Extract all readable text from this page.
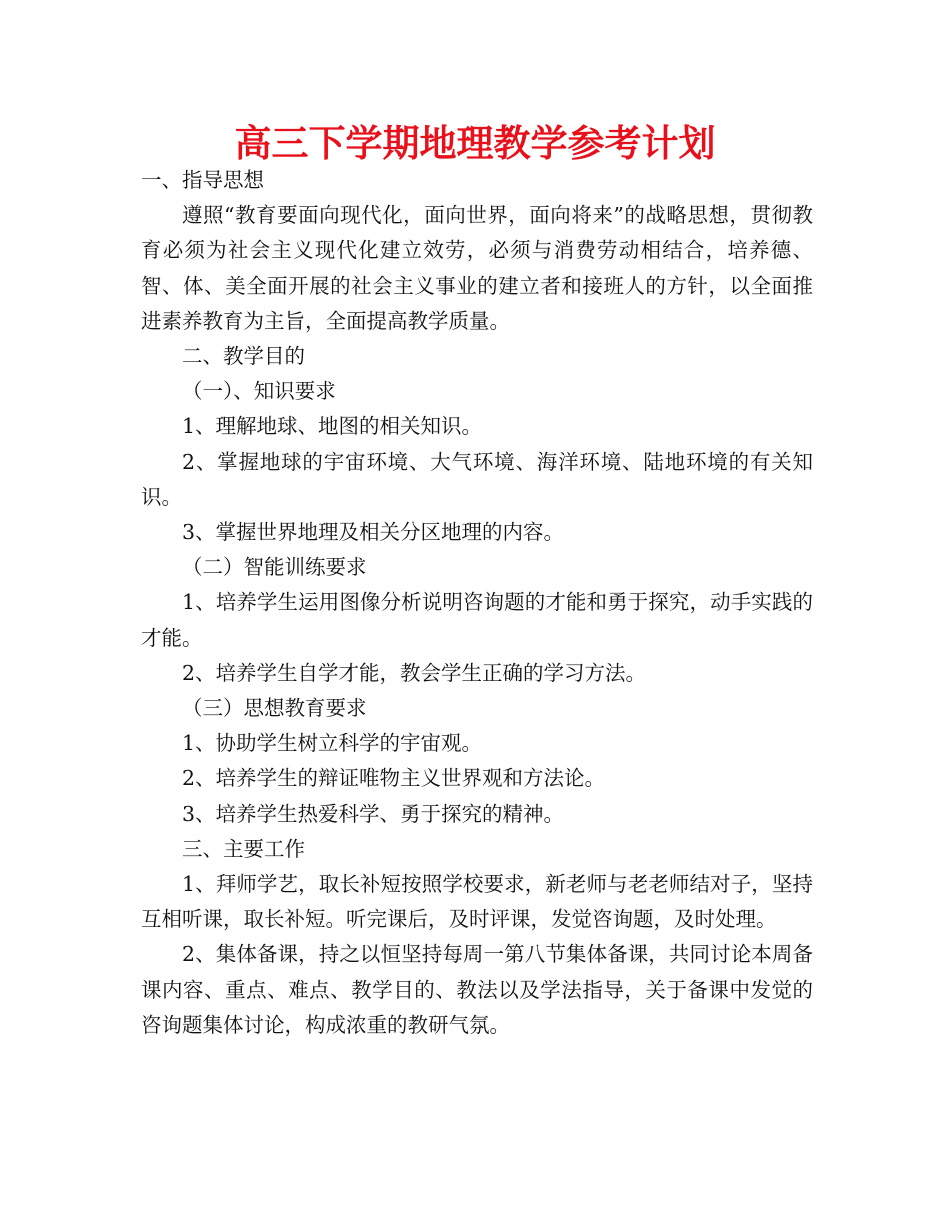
高三下学期地理教学参考计划

一、指导思想

遵照“教育要面向现代化，面向世界，面向将来”的战略思想，贯彻教育必须为社会主义现代化建立效劳，必须与消费劳动相结合，培养德、智、体、美全面开展的社会主义事业的建立者和接班人的方针，以全面推进素养教育为主旨，全面提高教学质量。

二、教学目的

（一）、知识要求

1、理解地球、地图的相关知识。

2、掌握地球的宇宙环境、大气环境、海洋环境、陆地环境的有关知识。

3、掌握世界地理及相关分区地理的内容。

（二）智能训练要求

1、培养学生运用图像分析说明咨询题的才能和勇于探究，动手实践的才能。

2、培养学生自学才能，教会学生正确的学习方法。

（三）思想教育要求

1、协助学生树立科学的宇宙观。

2、培养学生的辩证唯物主义世界观和方法论。

3、培养学生热爱科学、勇于探究的精神。

三、主要工作

1、拜师学艺，取长补短按照学校要求，新老师与老老师结对子，坚持互相听课，取长补短。听完课后，及时评课，发觉咨询题，及时处理。

2、集体备课，持之以恒坚持每周一第八节集体备课，共同讨论本周备课内容、重点、难点、教学目的、教法以及学法指导，关于备课中发觉的咨询题集体讨论，构成浓重的教研气氛。
